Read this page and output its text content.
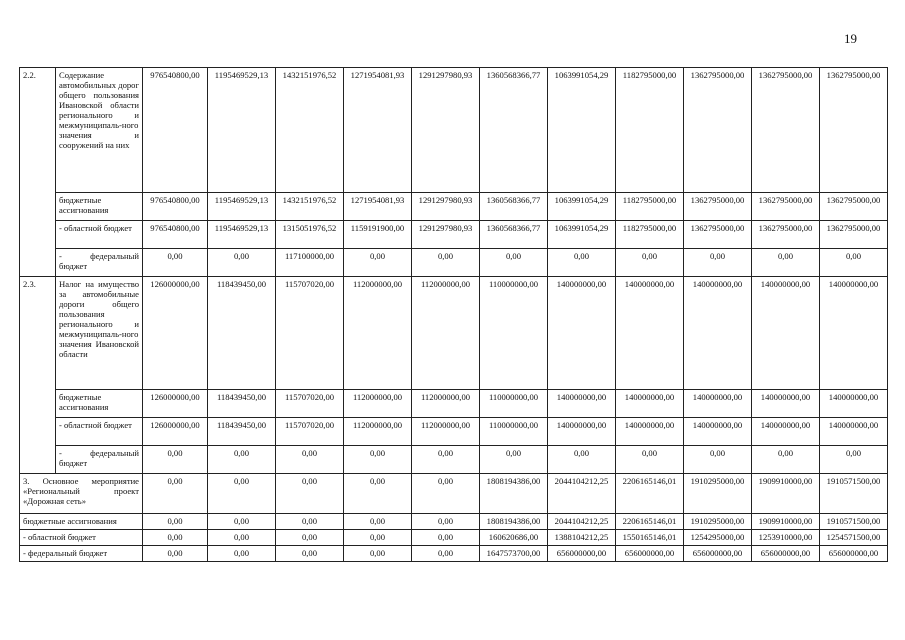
19
2.2.	Содержание автомобильных дорог общего пользования Ивановской области регионального и межмуниципаль-ного значения и сооружений на них	976540800,00	1195469529,13	1432151976,52	1271954081,93	1291297980,93	1360568366,77	1063991054,29	1182795000,00	1362795000,00	1362795000,00	1362795000,00
	бюджетные ассигнования	976540800,00	1195469529,13	1432151976,52	1271954081,93	1291297980,93	1360568366,77	1063991054,29	1182795000,00	1362795000,00	1362795000,00	1362795000,00
	- областной бюджет	976540800,00	1195469529,13	1315051976,52	1159191900,00	1291297980,93	1360568366,77	1063991054,29	1182795000,00	1362795000,00	1362795000,00	1362795000,00
	- федеральный бюджет	0,00	0,00	117100000,00	0,00	0,00	0,00	0,00	0,00	0,00	0,00	0,00
2.3.	Налог на имущество за автомобильные дороги общего пользования регионального и межмуниципаль-ного значения Ивановской области	126000000,00	118439450,00	115707020,00	112000000,00	112000000,00	110000000,00	140000000,00	140000000,00	140000000,00	140000000,00	140000000,00
	бюджетные ассигнования	126000000,00	118439450,00	115707020,00	112000000,00	112000000,00	110000000,00	140000000,00	140000000,00	140000000,00	140000000,00	140000000,00
	- областной бюджет	126000000,00	118439450,00	115707020,00	112000000,00	112000000,00	110000000,00	140000000,00	140000000,00	140000000,00	140000000,00	140000000,00
	- федеральный бюджет	0,00	0,00	0,00	0,00	0,00	0,00	0,00	0,00	0,00	0,00	0,00
3. Основное мероприятие «Региональный проект «Дорожная сеть»		0,00	0,00	0,00	0,00	0,00	1808194386,00	2044104212,25	2206165146,01	1910295000,00	1909910000,00	1910571500,00
бюджетные ассигнования		0,00	0,00	0,00	0,00	0,00	1808194386,00	2044104212,25	2206165146,01	1910295000,00	1909910000,00	1910571500,00
- областной бюджет		0,00	0,00	0,00	0,00	0,00	160620686,00	1388104212,25	1550165146,01	1254295000,00	1253910000,00	1254571500,00
- федеральный бюджет		0,00	0,00	0,00	0,00	0,00	1647573700,00	656000000,00	656000000,00	656000000,00	656000000,00	656000000,00
